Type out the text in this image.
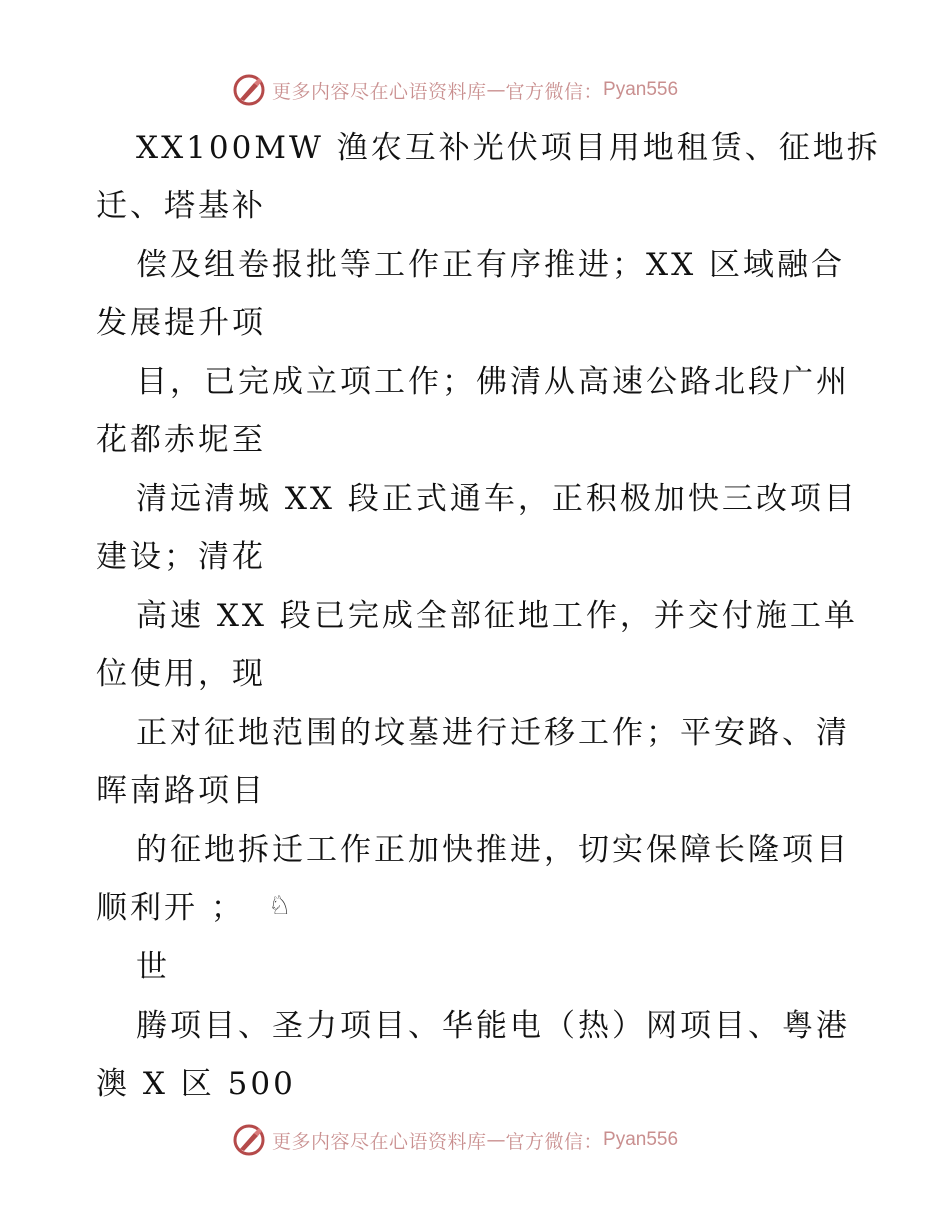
更多内容尽在心语资料库 — 官方微信： Pyan556
XX100MW 渔农互补光伏项目用地租赁、征地拆
迁、塔基补
偿及组卷报批等工作正有序推进；XX 区域融合
发展提升项
目，已完成立项工作；佛清从高速公路北段广州
花都赤坭至
清远清城 XX 段正式通车，正积极加快三改项目
建设；清花
高速 XX 段已完成全部征地工作，并交付施工单
位使用，现
正对征地范围的坟墓进行迁移工作；平安路、清
晖南路项目
的征地拆迁工作正加快推进，切实保障长隆项目
顺利开 ；
世
腾项目、圣力项目、华能电（热）网项目、粤港
澳 X 区 500
♘
更多内容尽在心语资料库 — 官方微信： Pyan556
